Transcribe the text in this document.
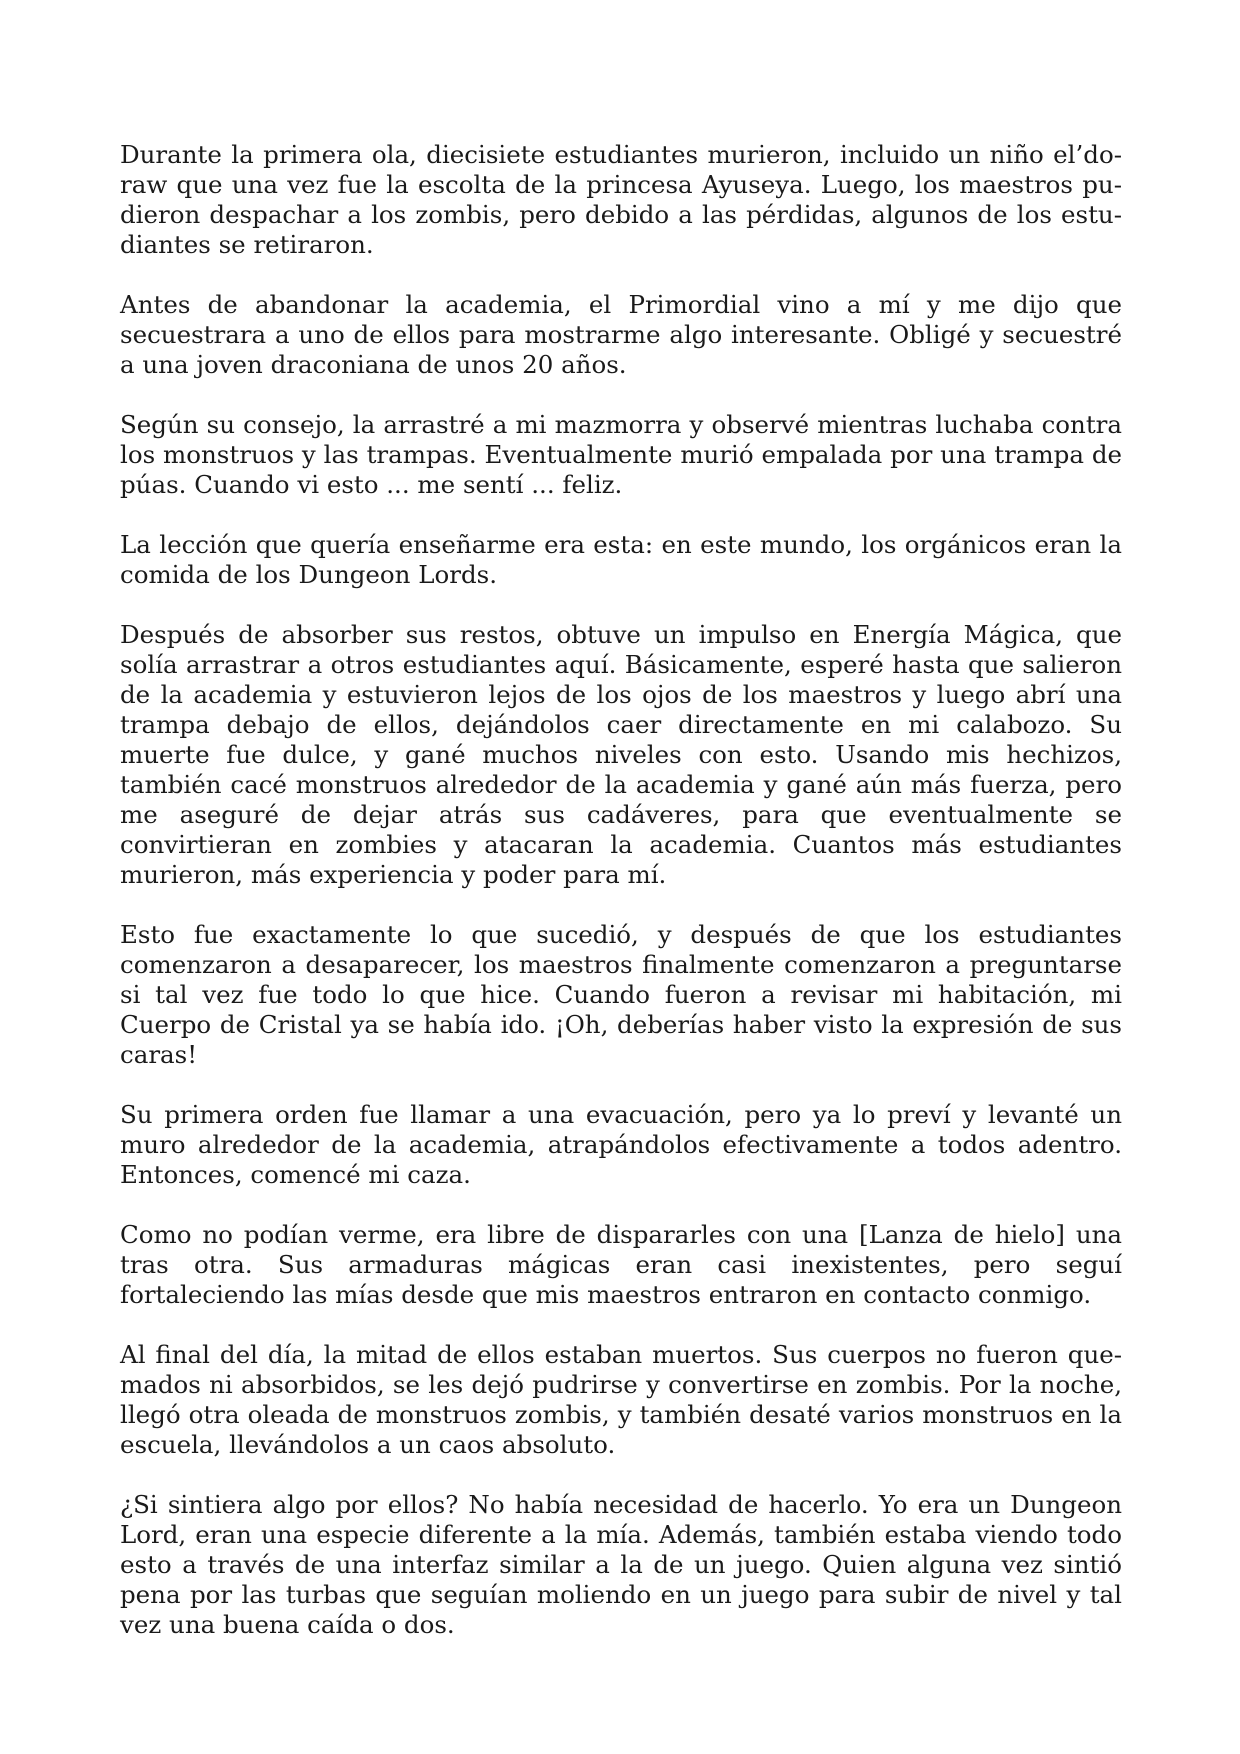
Durante la primera ola, diecisiete estudiantes murieron, incluido un niño el’doraw que una vez fue la escolta de la princesa Ayuseya. Luego, los maestros pudieron despachar a los zombis, pero debido a las pérdidas, algunos de los estudiantes se retiraron.

Antes de abandonar la academia, el Primordial vino a mí y me dijo que secuestrara a uno de ellos para mostrarme algo interesante. Obligé y secuestré a una joven draconiana de unos 20 años.

Según su consejo, la arrastré a mi mazmorra y observé mientras luchaba contra los monstruos y las trampas. Eventualmente murió empalada por una trampa de púas. Cuando vi esto ... me sentí ... feliz.

La lección que quería enseñarme era esta: en este mundo, los orgánicos eran la comida de los Dungeon Lords.

Después de absorber sus restos, obtuve un impulso en Energía Mágica, que solía arrastrar a otros estudiantes aquí. Básicamente, esperé hasta que salieron de la academia y estuvieron lejos de los ojos de los maestros y luego abrí una trampa debajo de ellos, dejándolos caer directamente en mi calabozo. Su muerte fue dulce, y gané muchos niveles con esto. Usando mis hechizos, también cacé monstruos alrededor de la academia y gané aún más fuerza, pero me aseguré de dejar atrás sus cadáveres, para que eventualmente se convirtieran en zombies y atacaran la academia. Cuantos más estudiantes murieron, más experiencia y poder para mí.

Esto fue exactamente lo que sucedió, y después de que los estudiantes comenzaron a desaparecer, los maestros finalmente comenzaron a preguntarse si tal vez fue todo lo que hice. Cuando fueron a revisar mi habitación, mi Cuerpo de Cristal ya se había ido. ¡Oh, deberías haber visto la expresión de sus caras!

Su primera orden fue llamar a una evacuación, pero ya lo preví y levanté un muro alrededor de la academia, atrapándolos efectivamente a todos adentro. Entonces, comencé mi caza.

Como no podían verme, era libre de dispararles con una [Lanza de hielo] una tras otra. Sus armaduras mágicas eran casi inexistentes, pero seguí fortaleciendo las mías desde que mis maestros entraron en contacto conmigo.

Al final del día, la mitad de ellos estaban muertos. Sus cuerpos no fueron quemados ni absorbidos, se les dejó pudrirse y convertirse en zombis. Por la noche, llegó otra oleada de monstruos zombis, y también desaté varios monstruos en la escuela, llevándolos a un caos absoluto.

¿Si sintiera algo por ellos? No había necesidad de hacerlo. Yo era un Dungeon Lord, eran una especie diferente a la mía. Además, también estaba viendo todo esto a través de una interfaz similar a la de un juego. Quien alguna vez sintió pena por las turbas que seguían moliendo en un juego para subir de nivel y tal vez una buena caída o dos.
